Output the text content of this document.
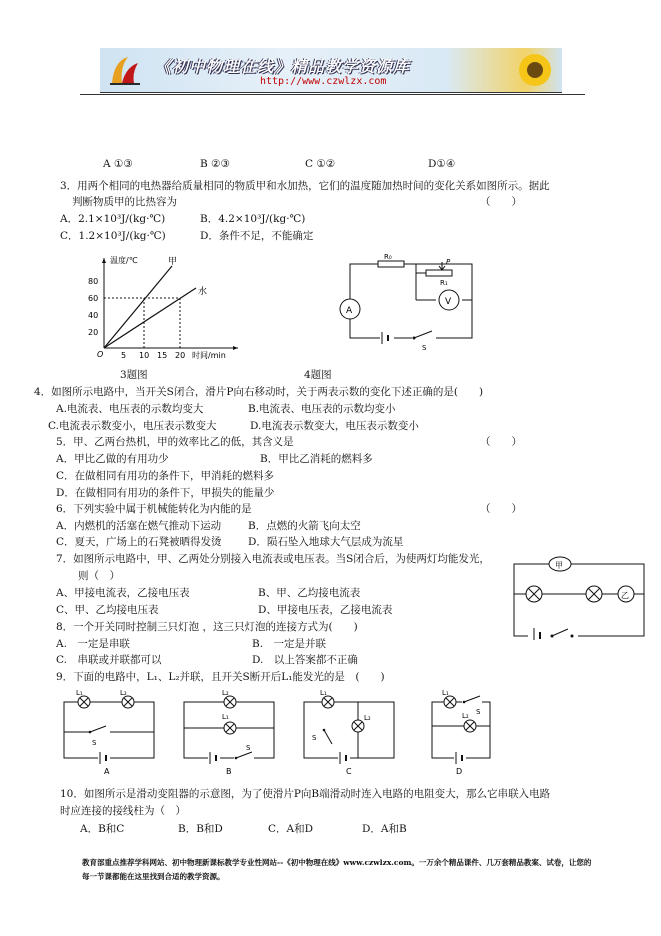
《初中物理在线》精品教学资源库
http://www.czwlzx.com
A ①③	B ②③	C ①②	D①④
3．用两个相同的电热器给质量相同的物质甲和水加热，它们的温度随加热时间的变化关系如图所示。据此
判断物质甲的比热容为	（　　）
A．2.1×10³J/(kg·℃)	B．4.2×10³J/(kg·℃)
C．1.2×10³J/(kg·℃)	D．条件不足，不能确定
温度/℃
80
60
40
20
O 5 10 15 20 时间/min
甲
水
3题图
R₀
P
R₁
V
A
S
4题图
4．如图所示电路中，当开关S闭合，滑片P向右移动时，关于两表示数的变化下述正确的是(　　)
A.电流表、电压表的示数均变大	B.电流表、电压表的示数均变小
C.电流表示数变小，电压表示数变大	D.电流表示数变大，电压表示数变小
5．甲、乙两台热机，甲的效率比乙的低，其含义是	（　　）
A．甲比乙做的有用功少	B．甲比乙消耗的燃料多
C．在做相同有用功的条件下，甲消耗的燃料多
D．在做相同有用功的条件下，甲损失的能量少
6．下列实验中属于机械能转化为内能的是	（　　）
A．内燃机的活塞在燃气推动下运动	B．点燃的火箭飞向太空
C．夏天，广场上的石凳被晒得发烫	D．陨石坠入地球大气层成为流星
7．如图所示电路中，甲、乙两处分别接入电流表或电压表。当S闭合后，为使两灯均能发光，
则（　）
A、甲接电流表，乙接电压表	B、甲、乙均接电流表
C、甲、乙均接电压表	D、甲接电压表，乙接电流表
甲
乙
8．一个开关同时控制三只灯泡 ，这三只灯泡的连接方式为(　　)
A.　一定是串联	B.　一定是并联
C.　串联或并联都可以	D.　以上答案都不正确
9．下面的电路中，L₁、L₂并联，且开关S断开后L₁能发光的是　(　　)
L₁	L₂
S
A
L₂
L₁
S
B
L₁
L₂
S
C
L₁
S
L₂
D
10．如图所示是滑动变阻器的示意图，为了使滑片P向B端滑动时连入电路的电阻变大，那么它串联入电路
时应连接的接线柱为（　）
A．B和C	B．B和D	C．A和D	D．A和B
教育部重点推荐学科网站、初中物理新课标教学专业性网站--《初中物理在线》www.czwlzx.com。一万余个精品课件、几万套精品教案、试卷，让您的每一节课都能在这里找到合适的教学资源。
